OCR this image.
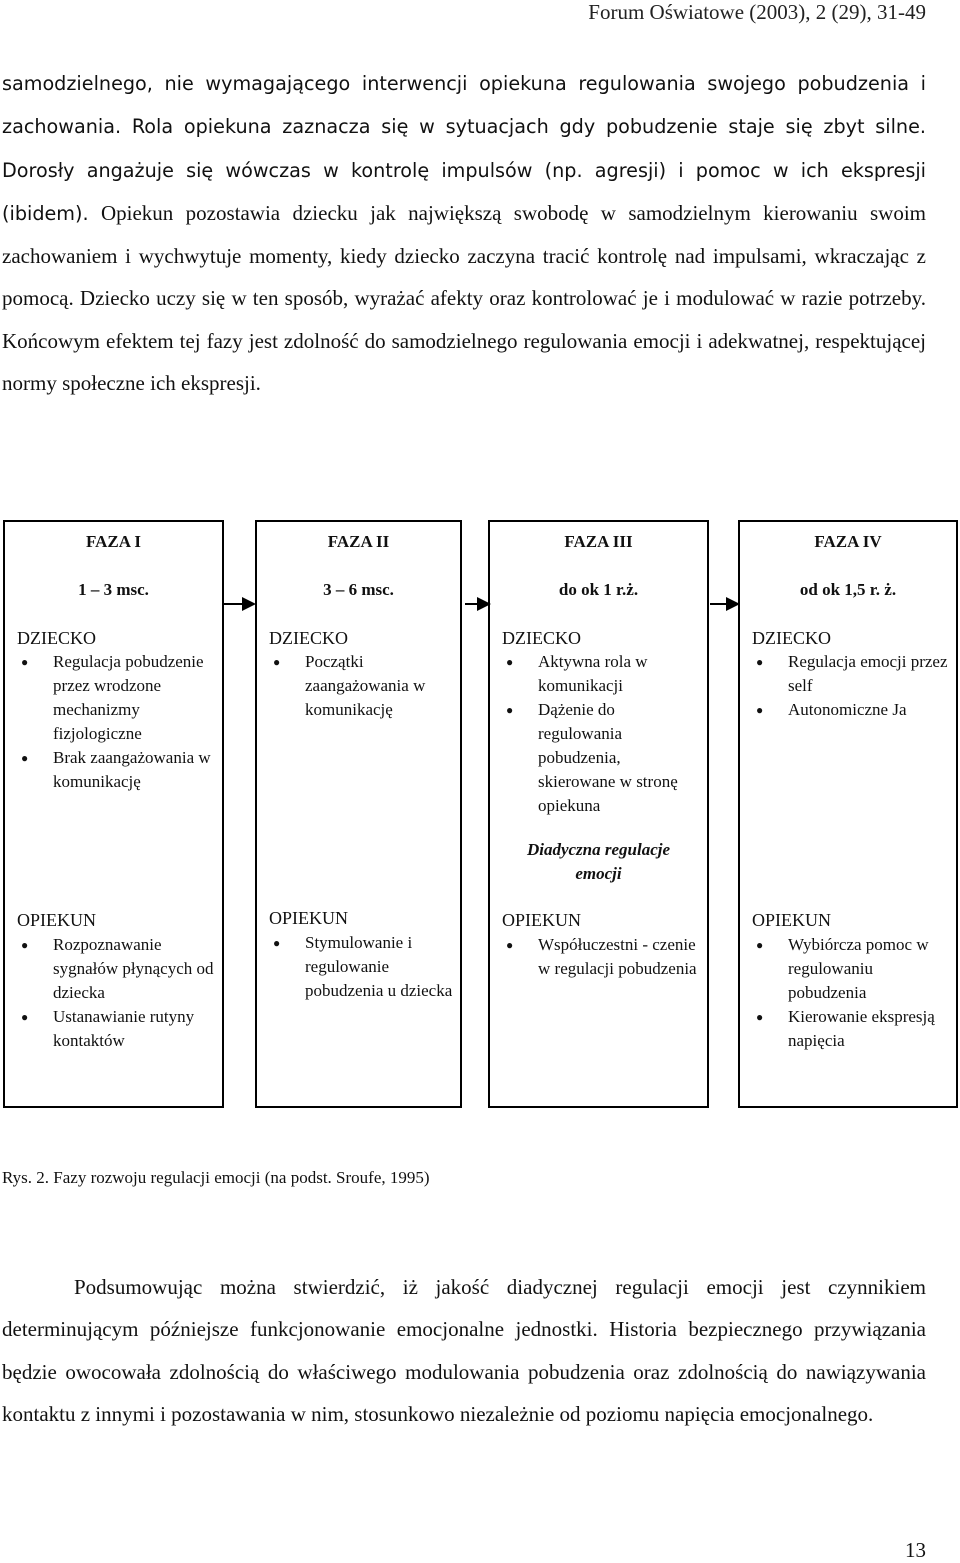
Forum Oświatowe (2003), 2 (29), 31-49

samodzielnego, nie wymagającego interwencji opiekuna regulowania swojego pobudzenia i zachowania. Rola opiekuna zaznacza się w sytuacjach gdy pobudzenie staje się zbyt silne. Dorosły angażuje się wówczas w kontrolę impulsów (np. agresji) i pomoc w ich ekspresji (ibidem). Opiekun pozostawia dziecku jak największą swobodę w samodzielnym kierowaniu swoim zachowaniem i wychwytuje momenty, kiedy dziecko zaczyna tracić kontrolę nad impulsami, wkraczając z pomocą. Dziecko uczy się w ten sposób, wyrażać afekty oraz kontrolować je i modulować w razie potrzeby. Końcowym efektem tej fazy jest zdolność do samodzielnego regulowania emocji i adekwatnej, respektującej normy społeczne ich ekspresji.

FAZA I
1 – 3 msc.
DZIECKO
● Regulacja pobudzenie przez wrodzone mechanizmy fizjologiczne
● Brak zaangażowania w komunikację
OPIEKUN
● Rozpoznawanie sygnałów płynących od dziecka
● Ustanawianie rutyny kontaktów
FAZA II
3 – 6 msc.
DZIECKO
● Początki zaangażowania w komunikację
OPIEKUN
● Stymulowanie i regulowanie pobudzenia u dziecka
FAZA III
do ok 1 r.ż.
DZIECKO
● Aktywna rola w komunikacji
● Dążenie do regulowania pobudzenia, skierowane w stronę opiekuna
Diadyczna regulacje emocji
OPIEKUN
● Współuczestni - czenie w regulacji pobudzenia
FAZA IV
od ok 1,5 r. ż.
DZIECKO
● Regulacja emocji przez self
● Autonomiczne Ja
OPIEKUN
● Wybiórcza pomoc w regulowaniu pobudzenia
● Kierowanie ekspresją napięcia
Rys. 2. Fazy rozwoju regulacji emocji (na podst. Sroufe, 1995)

Podsumowując można stwierdzić, iż jakość diadycznej regulacji emocji jest czynnikiem determinującym późniejsze funkcjonowanie emocjonalne jednostki. Historia bezpiecznego przywiązania będzie owocowała zdolnością do właściwego modulowania pobudzenia oraz zdolnością do nawiązywania kontaktu z innymi i pozostawania w nim, stosunkowo niezależnie od poziomu napięcia emocjonalnego.

13
